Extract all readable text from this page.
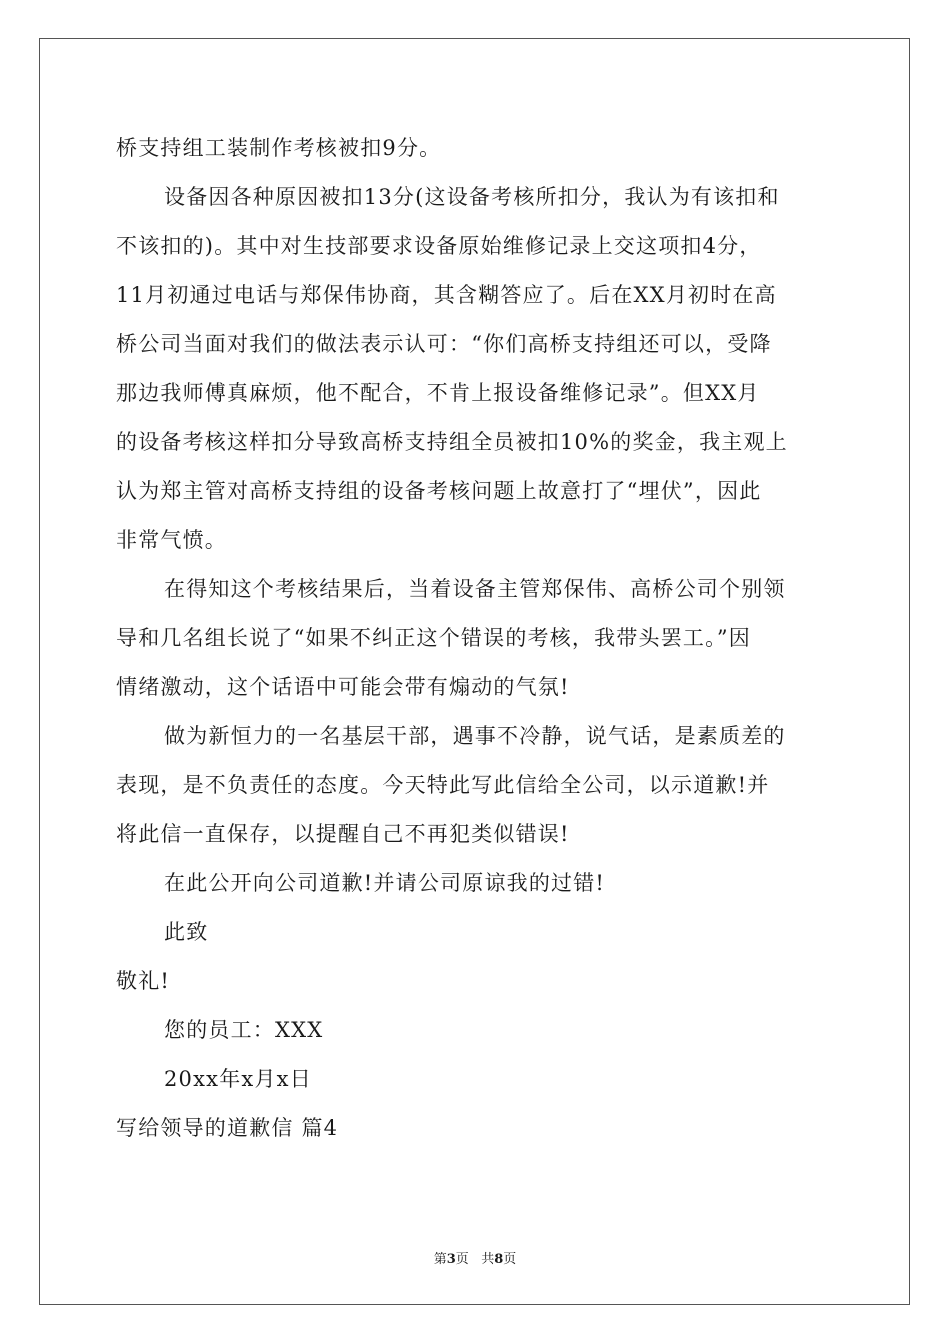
桥支持组工装制作考核被扣9分。
设备因各种原因被扣13分(这设备考核所扣分，我认为有该扣和
不该扣的)。其中对生技部要求设备原始维修记录上交这项扣4分，
11月初通过电话与郑保伟协商，其含糊答应了。后在XX月初时在高
桥公司当面对我们的做法表示认可：“你们高桥支持组还可以，受降
那边我师傅真麻烦，他不配合，不肯上报设备维修记录”。但XX月
的设备考核这样扣分导致高桥支持组全员被扣10%的奖金，我主观上
认为郑主管对高桥支持组的设备考核问题上故意打了“埋伏”，因此
非常气愤。
在得知这个考核结果后，当着设备主管郑保伟、高桥公司个别领
导和几名组长说了“如果不纠正这个错误的考核，我带头罢工。”因
情绪激动，这个话语中可能会带有煽动的气氛!
做为新恒力的一名基层干部，遇事不冷静，说气话，是素质差的
表现，是不负责任的态度。今天特此写此信给全公司，以示道歉!并
将此信一直保存，以提醒自己不再犯类似错误!
在此公开向公司道歉!并请公司原谅我的过错!
此致
敬礼!
您的员工：XXX
20xx年x月x日
写给领导的道歉信 篇4
第3页 共8页
